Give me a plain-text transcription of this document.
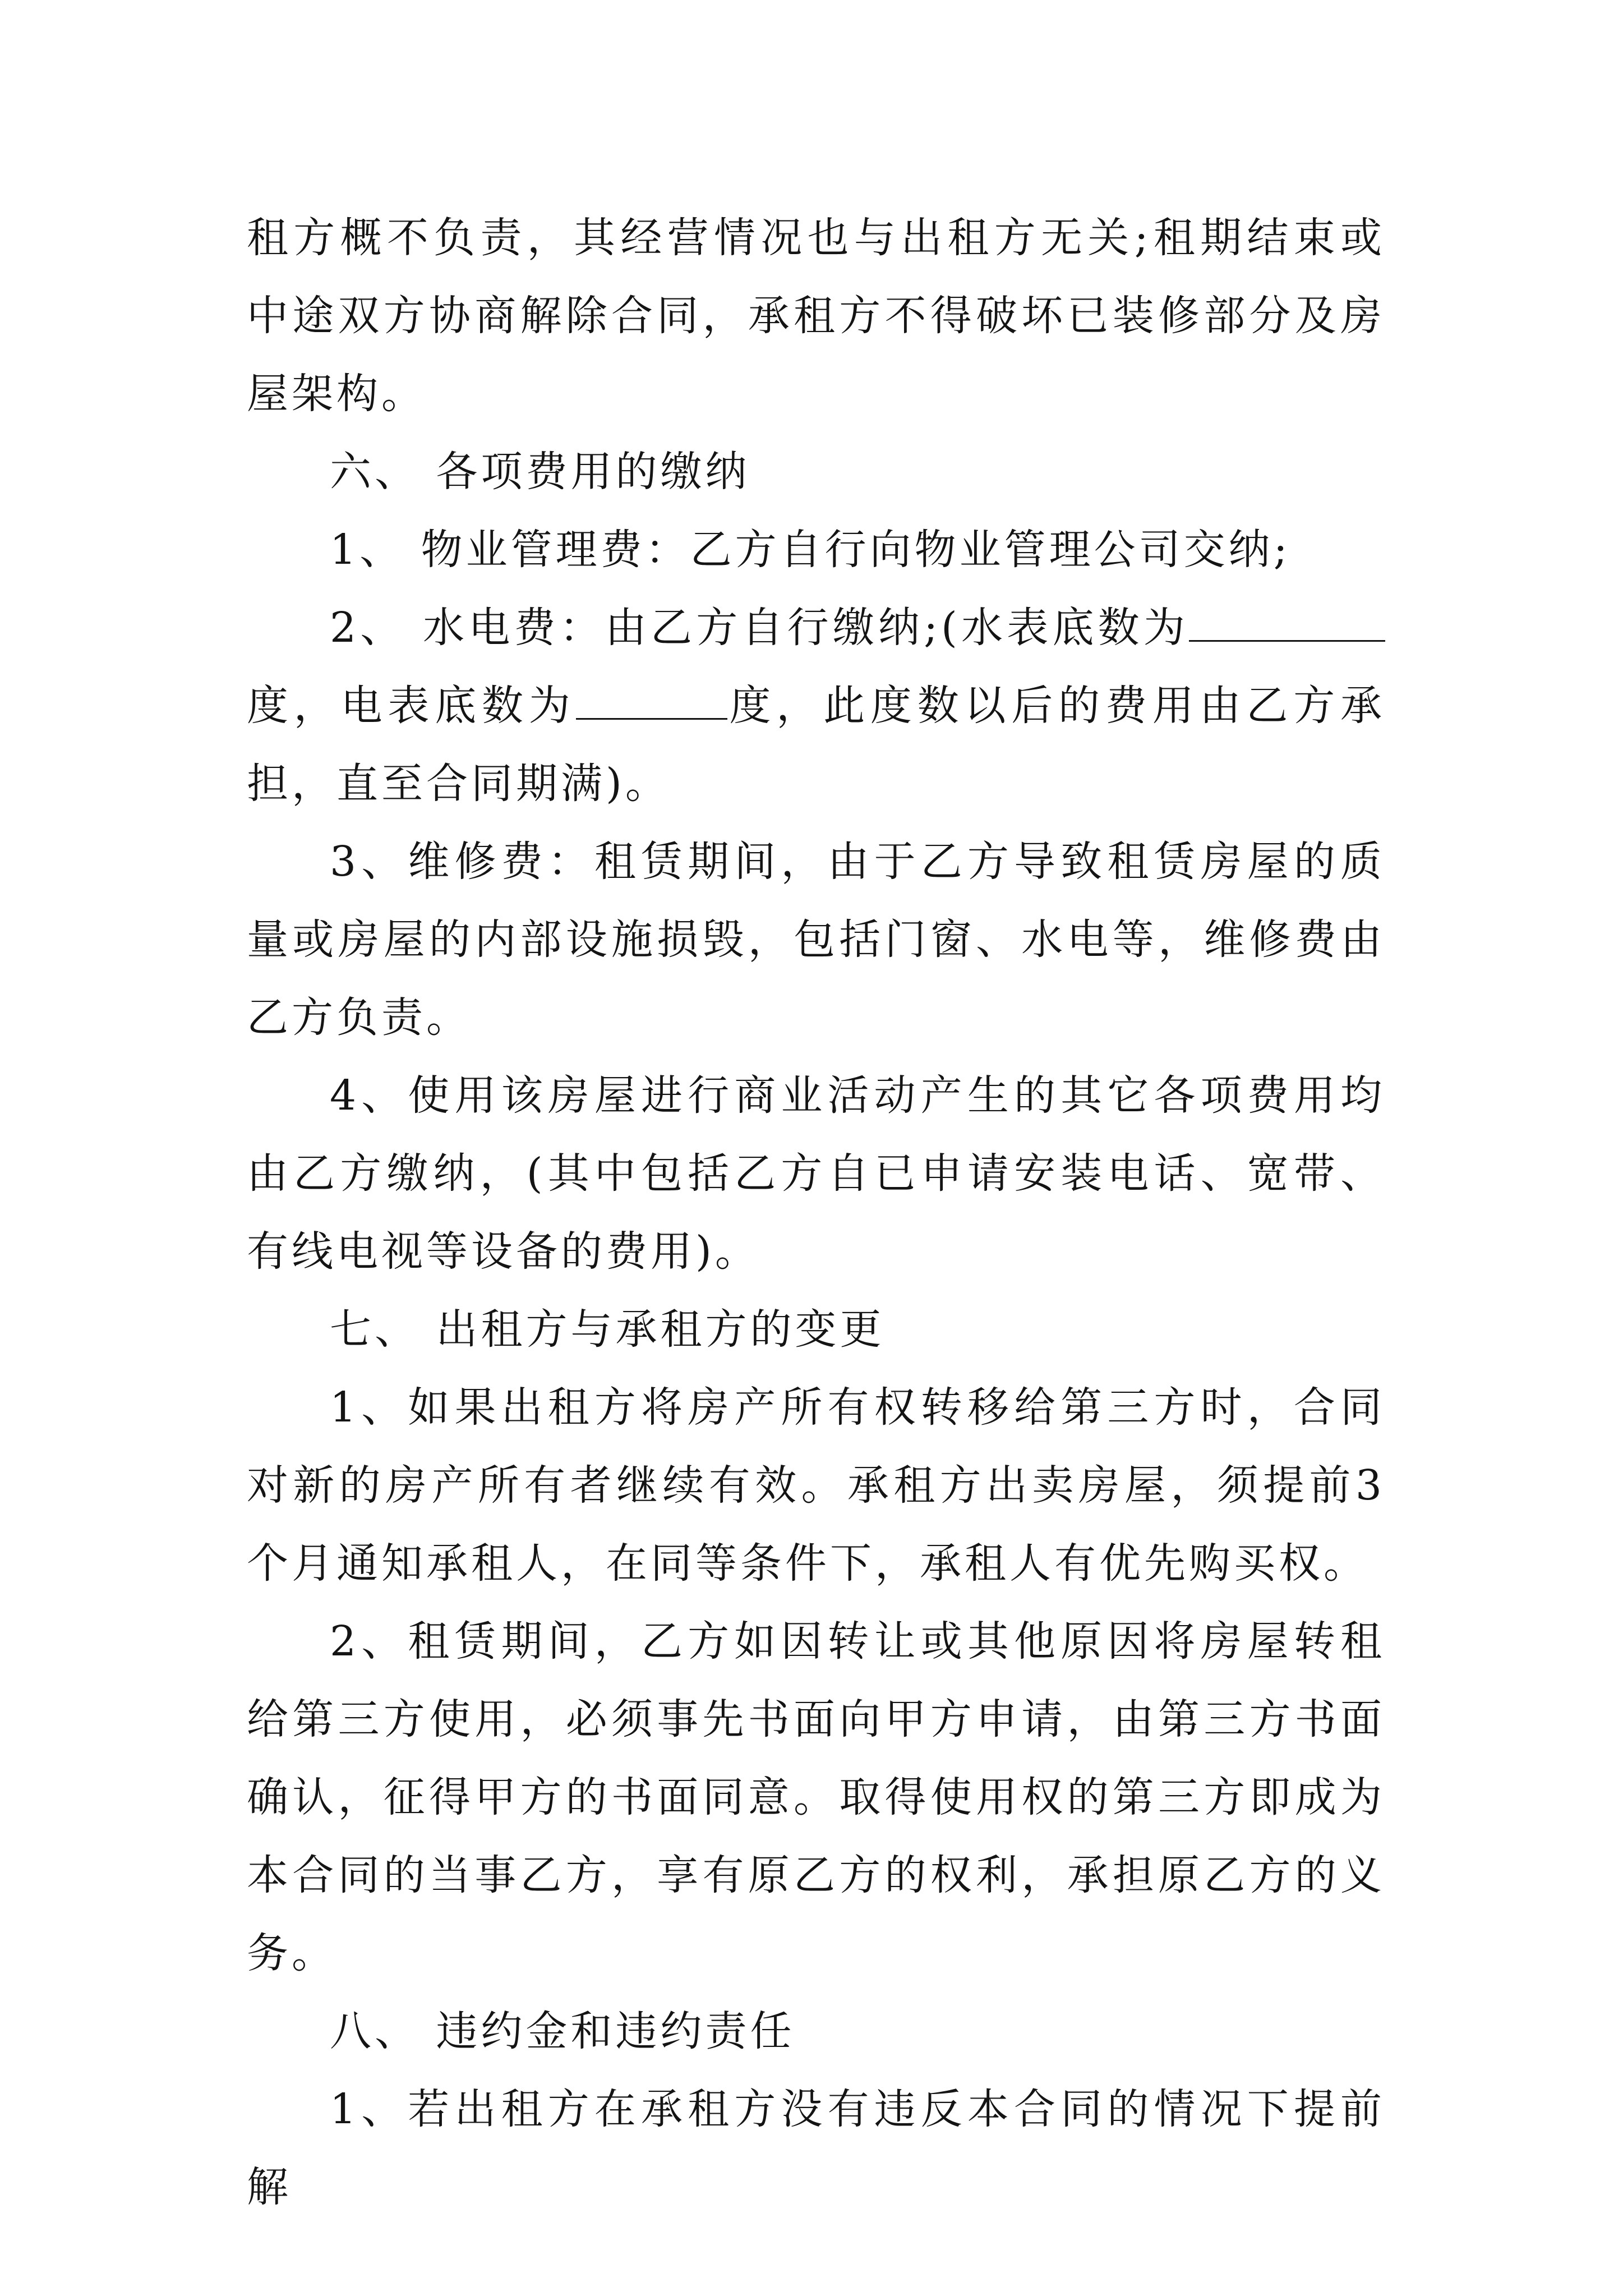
租方概不负责，其经营情况也与出租方无关;租期结束或中途双方协商解除合同，承租方不得破坏已装修部分及房屋架构。

六、 各项费用的缴纳

1、 物业管理费：乙方自行向物业管理公司交纳;

2、 水电费：由乙方自行缴纳;(水表底数为度，电表底数为	度，此度数以后的费用由乙方承担，直至合同期满)。

3、维修费：租赁期间，由于乙方导致租赁房屋的质量或房屋的内部设施损毁，包括门窗、水电等，维修费由乙方负责。

4、使用该房屋进行商业活动产生的其它各项费用均由乙方缴纳，(其中包括乙方自已申请安装电话、宽带、有线电视等设备的费用)。

七、 出租方与承租方的变更

1、如果出租方将房产所有权转移给第三方时，合同对新的房产所有者继续有效。承租方出卖房屋，须提前3个月通知承租人，在同等条件下，承租人有优先购买权。

2、租赁期间，乙方如因转让或其他原因将房屋转租给第三方使用，必须事先书面向甲方申请，由第三方书面确认，征得甲方的书面同意。取得使用权的第三方即成为本合同的当事乙方，享有原乙方的权利，承担原乙方的义务。

八、 违约金和违约责任

1、若出租方在承租方没有违反本合同的情况下提前解
